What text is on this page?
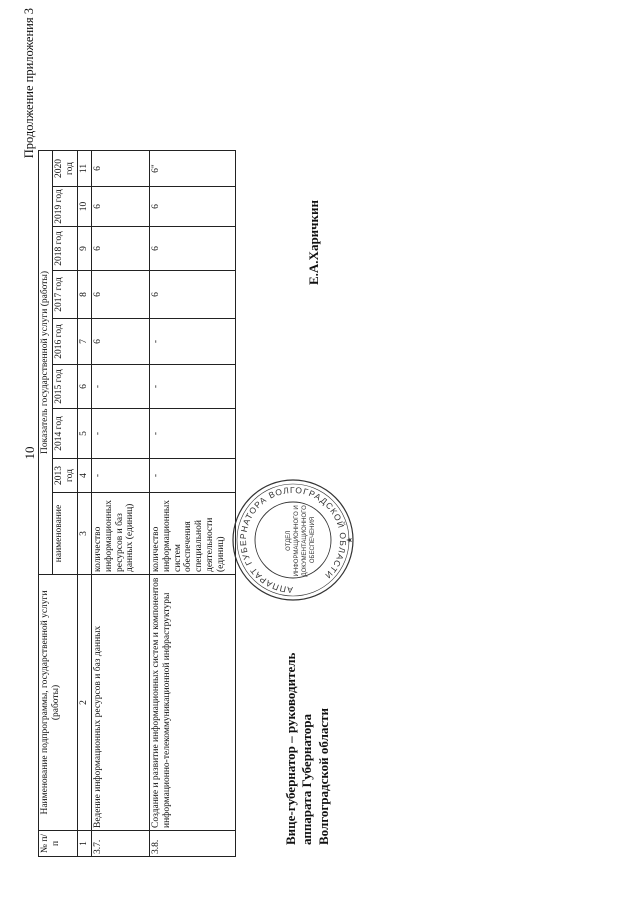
10
Продолжение приложения 3
№ п/п	Наименование подпрограммы, государственной услуги (работы)	Показатель государственной услуги (работы)								
		наименование	2013 год	2014 год	2015 год	2016 год	2017 год	2018 год	2019 год	2020 год
1	2	3	4	5	6	7	8	9	10	11
3.7.	Ведение информационных ресурсов и баз данных	количество информационных ресурсов и баз данных (единиц)	-	-	-	6	6	6	6	6
3.8.	Создание и развитие информационных систем и компонентов информационно-телекоммуникационной инфраструктуры	количество информационных систем обеспечения специальной деятельности (единиц)	-	-	-	-	6	6	6	6"
АППАРАТ ГУБЕРНАТОРА ВОЛГОГРАДСКОЙ ОБЛАСТИ
ОТДЕЛ ИНФОРМАЦИОННОГО И ДОКУМЕНТАЦИОННОГО ОБЕСПЕЧЕНИЯ	★
Вице-губернатор – руководитель аппарата Губернатора Волгоградской области
Е.А.Харичкин
